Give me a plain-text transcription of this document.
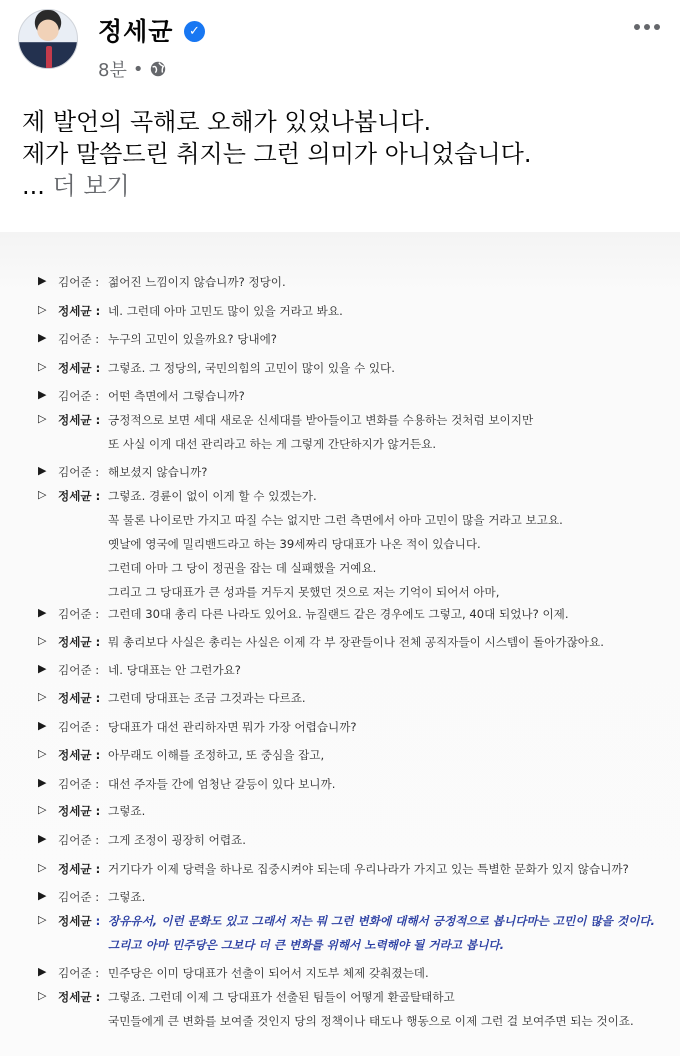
정세균	✓
8분 •
제 발언의 곡해로 오해가 있었나봅니다.
제가 말씀드린 취지는 그런 의미가 아니었습니다.
... 더 보기
▶ 김어준 : 젊어진 느낌이지 않습니까? 정당이.
▷ 정세균 : 네. 그런데 아마 고민도 많이 있을 거라고 봐요.
▶ 김어준 : 누구의 고민이 있을까요? 당내에?
▷ 정세균 : 그렇죠. 그 정당의, 국민의힘의 고민이 많이 있을 수 있다.
▶ 김어준 : 어떤 측면에서 그렇습니까?
▷ 정세균 : 긍정적으로 보면 세대 새로운 신세대를 받아들이고 변화를 수용하는 것처럼 보이지만
또 사실 이게 대선 관리라고 하는 게 그렇게 간단하지가 않거든요.
▶ 김어준 : 해보셨지 않습니까?
▷ 정세균 : 그렇죠. 경륜이 없이 이게 할 수 있겠는가.
꼭 물론 나이로만 가지고 따질 수는 없지만 그런 측면에서 아마 고민이 많을 거라고 보고요.
옛날에 영국에 밀리밴드라고 하는 39세짜리 당대표가 나온 적이 있습니다.
그런데 아마 그 당이 정권을 잡는 데 실패했을 거예요.
그리고 그 당대표가 큰 성과를 거두지 못했던 것으로 저는 기억이 되어서 아마,
▶ 김어준 : 그런데 30대 총리 다른 나라도 있어요. 뉴질랜드 같은 경우에도 그렇고, 40대 되었나? 이제.
▷ 정세균 : 뭐 총리보다 사실은 총리는 사실은 이제 각 부 장관들이나 전체 공직자들이 시스템이 돌아가잖아요.
▶ 김어준 : 네. 당대표는 안 그런가요?
▷ 정세균 : 그런데 당대표는 조금 그것과는 다르죠.
▶ 김어준 : 당대표가 대선 관리하자면 뭐가 가장 어렵습니까?
▷ 정세균 : 아무래도 이해를 조정하고, 또 중심을 잡고,
▶ 김어준 : 대선 주자들 간에 엄청난 갈등이 있다 보니까.
▷ 정세균 : 그렇죠.
▶ 김어준 : 그게 조정이 굉장히 어렵죠.
▷ 정세균 : 거기다가 이제 당력을 하나로 집중시켜야 되는데 우리나라가 가지고 있는 특별한 문화가 있지 않습니까?
▶ 김어준 : 그렇죠.
▷ 정세균 : 장유유서, 이런 문화도 있고 그래서 저는 뭐 그런 변화에 대해서 긍정적으로 봅니다마는 고민이 많을 것이다.
그리고 아마 민주당은 그보다 더 큰 변화를 위해서 노력해야 될 거라고 봅니다.
▶ 김어준 : 민주당은 이미 당대표가 선출이 되어서 지도부 체제 갖춰졌는데.
▷ 정세균 : 그렇죠. 그런데 이제 그 당대표가 선출된 팀들이 어떻게 환골탈태하고
국민들에게 큰 변화를 보여줄 것인지 당의 정책이나 태도나 행동으로 이제 그런 걸 보여주면 되는 것이죠.
